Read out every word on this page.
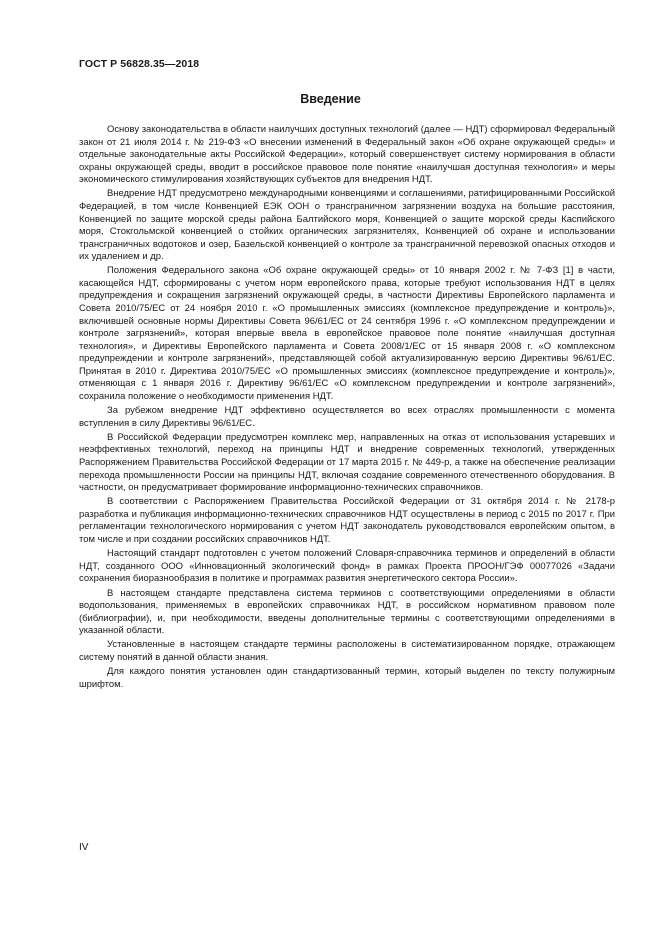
ГОСТ Р 56828.35—2018
Введение

Основу законодательства в области наилучших доступных технологий (далее — НДТ) сформировал Федеральный закон от 21 июля 2014 г. № 219-ФЗ «О внесении изменений в Федеральный закон «Об охране окружающей среды» и отдельные законодательные акты Российской Федерации», который совершенствует систему нормирования в области охраны окружающей среды, вводит в российское правовое поле понятие «наилучшая доступная технология» и меры экономического стимулирования хозяйствующих субъектов для внедрения НДТ.

Внедрение НДТ предусмотрено международными конвенциями и соглашениями, ратифицированными Российской Федерацией, в том числе Конвенцией ЕЭК ООН о трансграничном загрязнении воздуха на большие расстояния, Конвенцией по защите морской среды района Балтийского моря, Конвенцией о защите морской среды Каспийского моря, Стокгольмской конвенцией о стойких органических загрязнителях, Конвенцией об охране и использовании трансграничных водотоков и озер, Базельской конвенцией о контроле за трансграничной перевозкой опасных отходов и их удалением и др.

Положения Федерального закона «Об охране окружающей среды» от 10 января 2002 г. № 7-ФЗ [1] в части, касающейся НДТ, сформированы с учетом норм европейского права, которые требуют использования НДТ в целях предупреждения и сокращения загрязнений окружающей среды, в частности Директивы Европейского парламента и Совета 2010/75/ЕС от 24 ноября 2010 г. «О промышленных эмиссиях (комплексное предупреждение и контроль)», включившей основные нормы Директивы Совета 96/61/ЕС от 24 сентября 1996 г. «О комплексном предупреждении и контроле загрязнений», которая впервые ввела в европейское правовое поле понятие «наилучшая доступная технология», и Директивы Европейского парламента и Совета 2008/1/ЕС от 15 января 2008 г. «О комплексном предупреждении и контроле загрязнений», представляющей собой актуализированную версию Директивы 96/61/ЕС. Принятая в 2010 г. Директива 2010/75/ЕС «О промышленных эмиссиях (комплексное предупреждение и контроль)», отменяющая с 1 января 2016 г. Директиву 96/61/ЕС «О комплексном предупреждении и контроле загрязнений», сохранила положение о необходимости применения НДТ.

За рубежом внедрение НДТ эффективно осуществляется во всех отраслях промышленности с момента вступления в силу Директивы 96/61/ЕС.

В Российской Федерации предусмотрен комплекс мер, направленных на отказ от использования устаревших и неэффективных технологий, переход на принципы НДТ и внедрение современных технологий, утвержденных Распоряжением Правительства Российской Федерации от 17 марта 2015 г. № 449-р, а также на обеспечение реализации перехода промышленности России на принципы НДТ, включая создание современного отечественного оборудования. В частности, он предусматривает формирование информационно-технических справочников.

В соответствии с Распоряжением Правительства Российской Федерации от 31 октября 2014 г. № 2178-р разработка и публикация информационно-технических справочников НДТ осуществлены в период с 2015 по 2017 г. При регламентации технологического нормирования с учетом НДТ законодатель руководствовался европейским опытом, в том числе и при создании российских справочников НДТ.

Настоящий стандарт подготовлен с учетом положений Словаря-справочника терминов и определений в области НДТ, созданного ООО «Инновационный экологический фонд» в рамках Проекта ПРООН/ГЭФ 00077026 «Задачи сохранения биоразнообразия в политике и программах развития энергетического сектора России».

В настоящем стандарте представлена система терминов с соответствующими определениями в области водопользования, применяемых в европейских справочниках НДТ, в российском нормативном правовом поле (библиографии), и, при необходимости, введены дополнительные термины с соответствующими определениями в указанной области.

Установленные в настоящем стандарте термины расположены в систематизированном порядке, отражающем систему понятий в данной области знания.

Для каждого понятия установлен один стандартизованный термин, который выделен по тексту полужирным шрифтом.

IV
